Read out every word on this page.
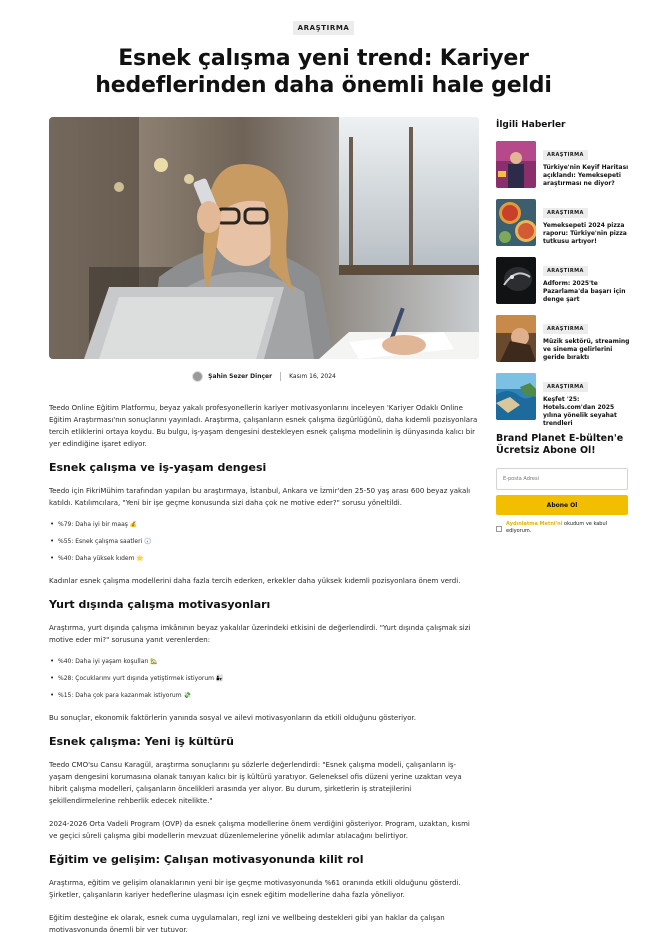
ARAŞTIRMA
Esnek çalışma yeni trend: Kariyer hedeflerinden daha önemli hale geldi
Şahin Sezer Dinçer	Kasım 16, 2024

Teedo Online Eğitim Platformu, beyaz yakalı profesyonellerin kariyer motivasyonlarını inceleyen 'Kariyer Odaklı Online Eğitim Araştırması'nın sonuçlarını yayınladı. Araştırma, çalışanların esnek çalışma özgürlüğünü, daha kıdemli pozisyonlara tercih etliklerini ortaya koydu. Bu bulgu, iş-yaşam dengesini destekleyen esnek çalışma modelinin iş dünyasında kalıcı bir yer edindiğine işaret ediyor.

Esnek çalışma ve iş-yaşam dengesi

Teedo için FikriMühim tarafından yapılan bu araştırmaya, İstanbul, Ankara ve İzmir'den 25-50 yaş arası 600 beyaz yakalı katıldı. Katılımcılara, "Yeni bir işe geçme konusunda sizi daha çok ne motive eder?" sorusu yöneltildi.

• %79: Daha iyi bir maaş 💰
• %55: Esnek çalışma saatleri 🕢
• %40: Daha yüksek kıdem 🌟

Kadınlar esnek çalışma modellerini daha fazla tercih ederken, erkekler daha yüksek kıdemli pozisyonlara önem verdi.

Yurt dışında çalışma motivasyonları

Araştırma, yurt dışında çalışma imkânının beyaz yakalılar üzerindeki etkisini de değerlendirdi. "Yurt dışında çalışmak sizi motive eder mi?" sorusuna yanıt verenlerden:

• %40: Daha iyi yaşam koşulları 🏡
• %28: Çocuklarımı yurt dışında yetiştirmek istiyorum 👨‍👧
• %15: Daha çok para kazanmak istiyorum 💸

Bu sonuçlar, ekonomik faktörlerin yanında sosyal ve ailevi motivasyonların da etkili olduğunu gösteriyor.

Esnek çalışma: Yeni iş kültürü

Teedo CMO'su Cansu Karagül, araştırma sonuçlarını şu sözlerle değerlendirdi: "Esnek çalışma modeli, çalışanların iş-yaşam dengesini korumasına olanak tanıyan kalıcı bir iş kültürü yaratıyor. Geleneksel ofis düzeni yerine uzaktan veya hibrit çalışma modelleri, çalışanların öncelikleri arasında yer alıyor. Bu durum, şirketlerin iş stratejilerini şekillendirmelerine rehberlik edecek nitelikte."

2024-2026 Orta Vadeli Program (OVP) da esnek çalışma modellerine önem verdiğini gösteriyor. Program, uzaktan, kısmi ve geçici süreli çalışma gibi modellerin mevzuat düzenlemelerine yönelik adımlar atılacağını belirtiyor.

Eğitim ve gelişim: Çalışan motivasyonunda kilit rol

Araştırma, eğitim ve gelişim olanaklarının yeni bir işe geçme motivasyonunda %61 oranında etkili olduğunu gösterdi. Şirketler, çalışanların kariyer hedeflerine ulaşması için esnek eğitim modellerine daha fazla yöneliyor.

Eğitim desteğine ek olarak, esnek cuma uygulamaları, regl izni ve wellbeing destekleri gibi yan haklar da çalışan motivasyonunda önemli bir yer tutuyor.

İlgili Haberler
ARAŞTIRMA
Türkiye'nin Keyif Haritası açıklandı: Yemeksepeti araştırması ne diyor?
ARAŞTIRMA
Yemeksepeti 2024 pizza raporu: Türkiye'nin pizza tutkusu artıyor!
ARAŞTIRMA
Adform: 2025'te Pazarlama'da başarı için denge şart
ARAŞTIRMA
Müzik sektörü, streaming ve sinema gelirlerini geride bıraktı
ARAŞTIRMA
Keşfet '25: Hotels.com'dan 2025 yılına yönelik seyahat trendleri
Brand Planet E-bülten'e Ücretsiz Abone Ol!
E-posta Adresi
Abone Ol
Aydınlatma Metni'ni okudum ve kabul ediyorum.
